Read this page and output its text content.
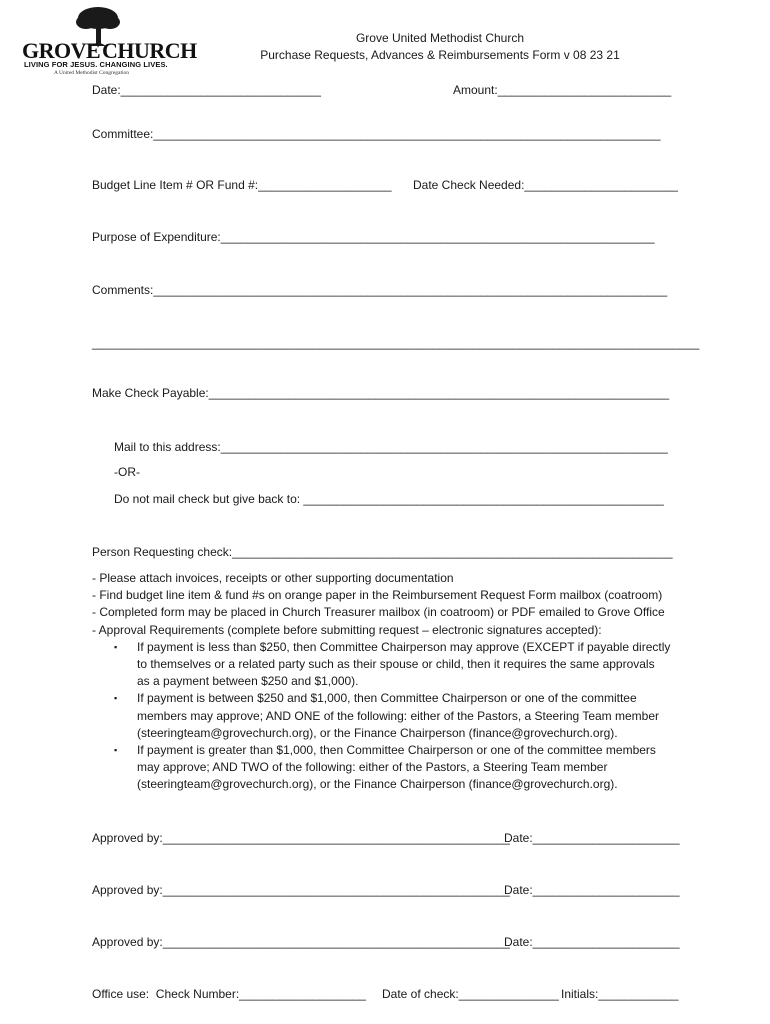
GROVE CHURCH
LIVING FOR JESUS. CHANGING LIVES.
A United Methodist Congregation
Grove United Methodist Church
Purchase Requests, Advances & Reimbursements Form v 08 23 21
Date:______________________________	Amount:__________________________
Committee:____________________________________________________________________________
Budget Line Item # OR Fund #:____________________ Date Check Needed:_______________________
Purpose of Expenditure:_________________________________________________________________
Comments:_____________________________________________________________________________
___________________________________________________________________________________________
Make Check Payable:_____________________________________________________________________
Mail to this address:___________________________________________________________________
-OR-
Do not mail check but give back to: ______________________________________________________
Person Requesting check:__________________________________________________________________
- Please attach invoices, receipts or other supporting documentation
- Find budget line item & fund #s on orange paper in the Reimbursement Request Form mailbox (coatroom)
- Completed form may be placed in Church Treasurer mailbox (in coatroom) or PDF emailed to Grove Office
- Approval Requirements (complete before submitting request – electronic signatures accepted):
▪ If payment is less than $250, then Committee Chairperson may approve (EXCEPT if payable directly
to themselves or a related party such as their spouse or child, then it requires the same approvals
as a payment between $250 and $1,000).
▪ If payment is between $250 and $1,000, then Committee Chairperson or one of the committee
members may approve; AND ONE of the following: either of the Pastors, a Steering Team member
(steeringteam@grovechurch.org), or the Finance Chairperson (finance@grovechurch.org).
▪ If payment is greater than $1,000, then Committee Chairperson or one of the committee members
may approve; AND TWO of the following: either of the Pastors, a Steering Team member
(steeringteam@grovechurch.org), or the Finance Chairperson (finance@grovechurch.org).
Approved by:____________________________________________________
Date:______________________
Approved by:____________________________________________________
Date:______________________
Approved by:____________________________________________________
Date:______________________
Office use:  Check Number:___________________ Date of check:_______________ Initials:____________
